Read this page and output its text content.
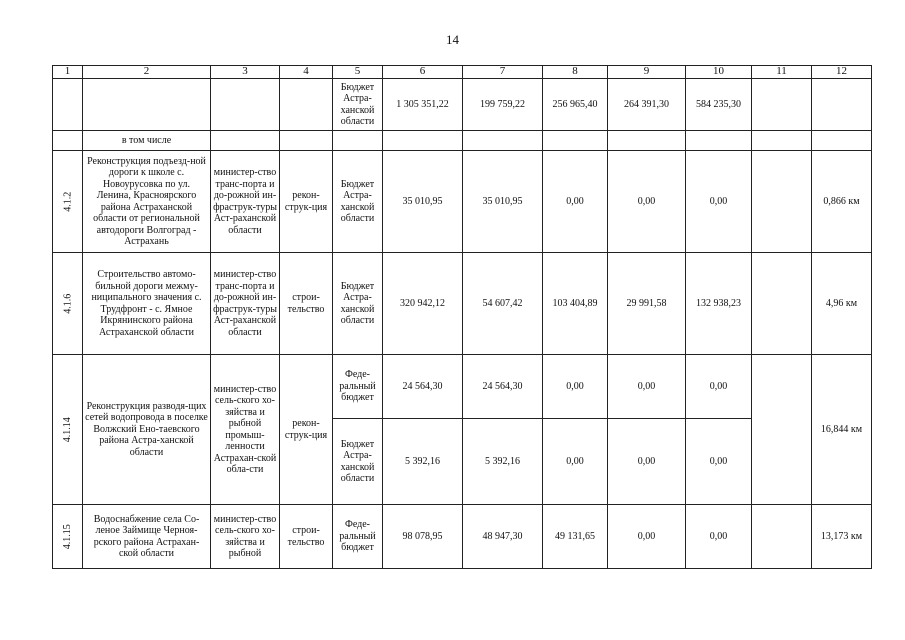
14
1	2	3	4	5	6	7	8	9	10	11	12
				Бюджет Астра-ханской области	1 305 351,22	199 759,22	256 965,40	264 391,30	584 235,30		
	в том числе										
4.1.2	Реконструкция подъезд-ной дороги к школе с. Новоурусовка по ул. Ленина, Красноярского района Астраханской области от региональной автодороги Волгоград - Астрахань	министер-ство транс-порта и до-рожной ин-фраструк-туры Аст-раханской области	рекон-струк-ция	Бюджет Астра-ханской области	35 010,95	35 010,95	0,00	0,00	0,00		0,866 км
4.1.6	Строительство автомо-бильной дороги межму-ниципального значения с. Трудфронт - с. Ямное Икрянинского района Астраханской области	министер-ство транс-порта и до-рожной ин-фраструк-туры Аст-раханской области	строи-тельство	Бюджет Астра-ханской области	320 942,12	54 607,42	103 404,89	29 991,58	132 938,23		4,96 км
4.1.14	Реконструкция разводя-щих сетей водопровода в поселке Волжский Ено-таевского района Астра-ханской области	министер-ство сель-ского хо-зяйства и рыбной промыш-ленности Астрахан-ской обла-сти	рекон-струк-ция	Феде-ральный бюджет	24 564,30	24 564,30	0,00	0,00	0,00		16,844 км
				Бюджет Астра-ханской области	5 392,16	5 392,16	0,00	0,00	0,00		
4.1.15	Водоснабжение села Со-леное Займище Черноя-рского района Астрахан-ской области	министер-ство сель-ского хо-зяйства и рыбной	строи-тельство	Феде-ральный бюджет	98 078,95	48 947,30	49 131,65	0,00	0,00		13,173 км
